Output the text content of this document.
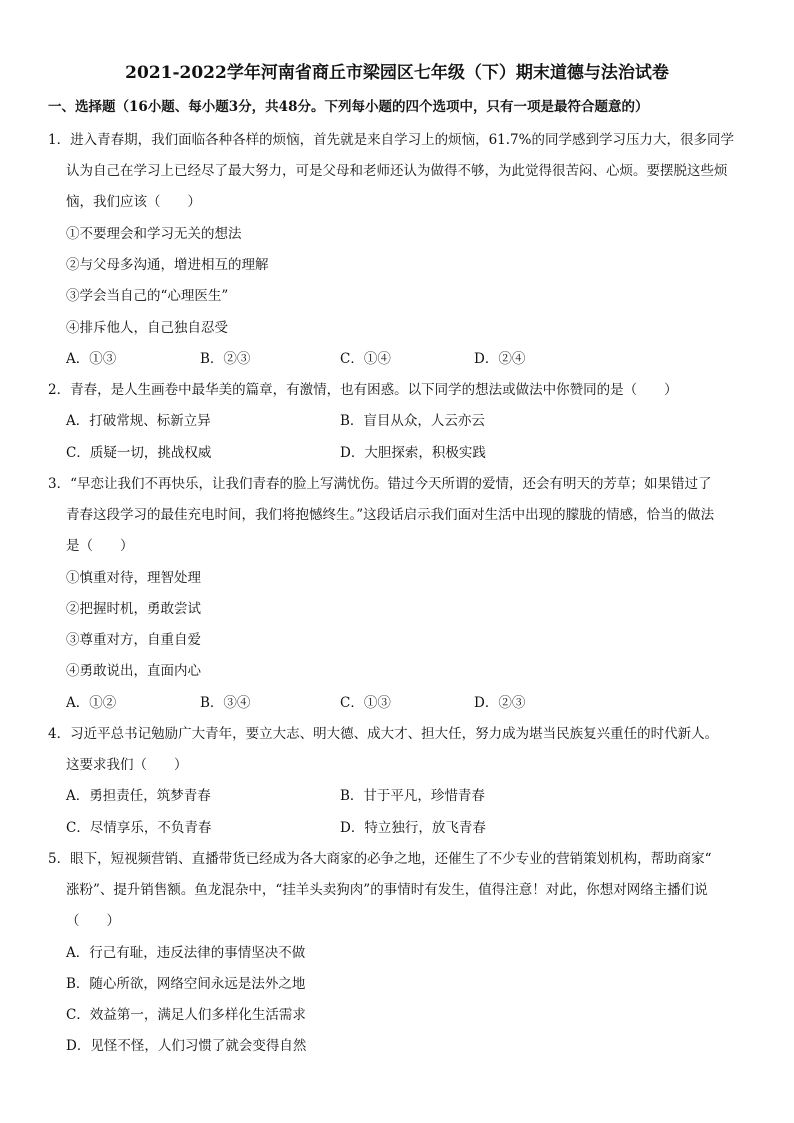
2021-2022学年河南省商丘市梁园区七年级（下）期末道德与法治试卷
一、选择题（16小题、每小题3分，共48分。下列每小题的四个选项中，只有一项是最符合题意的）
1．进入青春期，我们面临各种各样的烦恼，首先就是来自学习上的烦恼，61.7%的同学感到学习压力大，很多同学
认为自己在学习上已经尽了最大努力，可是父母和老师还认为做得不够，为此觉得很苦闷、心烦。要摆脱这些烦
恼，我们应该（　　）
①不要理会和学习无关的想法
②与父母多沟通，增进相互的理解
③学会当自己的“心理医生”
④排斥他人，自己独自忍受
A．①③	B．②③	C．①④	D．②④
2．青春，是人生画卷中最华美的篇章，有激情，也有困惑。以下同学的想法或做法中你赞同的是（　　）
A．打破常规、标新立异	B．盲目从众，人云亦云
C．质疑一切，挑战权威	D．大胆探索，积极实践
3．“早恋让我们不再快乐，让我们青春的脸上写满忧伤。错过今天所谓的爱情，还会有明天的芳草；如果错过了
青春这段学习的最佳充电时间，我们将抱憾终生。”这段话启示我们面对生活中出现的朦胧的情感，恰当的做法
是（　　）
①慎重对待，理智处理
②把握时机，勇敢尝试
③尊重对方，自重自爱
④勇敢说出，直面内心
A．①②	B．③④	C．①③	D．②③
4．习近平总书记勉励广大青年，要立大志、明大德、成大才、担大任，努力成为堪当民族复兴重任的时代新人。
这要求我们（　　）
A．勇担责任，筑梦青春	B．甘于平凡，珍惜青春
C．尽情享乐，不负青春	D．特立独行，放飞青春
5．眼下，短视频营销、直播带货已经成为各大商家的必争之地，还催生了不少专业的营销策划机构，帮助商家“
涨粉”、提升销售额。鱼龙混杂中，“挂羊头卖狗肉”的事情时有发生，值得注意！对此，你想对网络主播们说
（　　）
A．行己有耻，违反法律的事情坚决不做
B．随心所欲，网络空间永远是法外之地
C．效益第一，满足人们多样化生活需求
D．见怪不怪，人们习惯了就会变得自然
